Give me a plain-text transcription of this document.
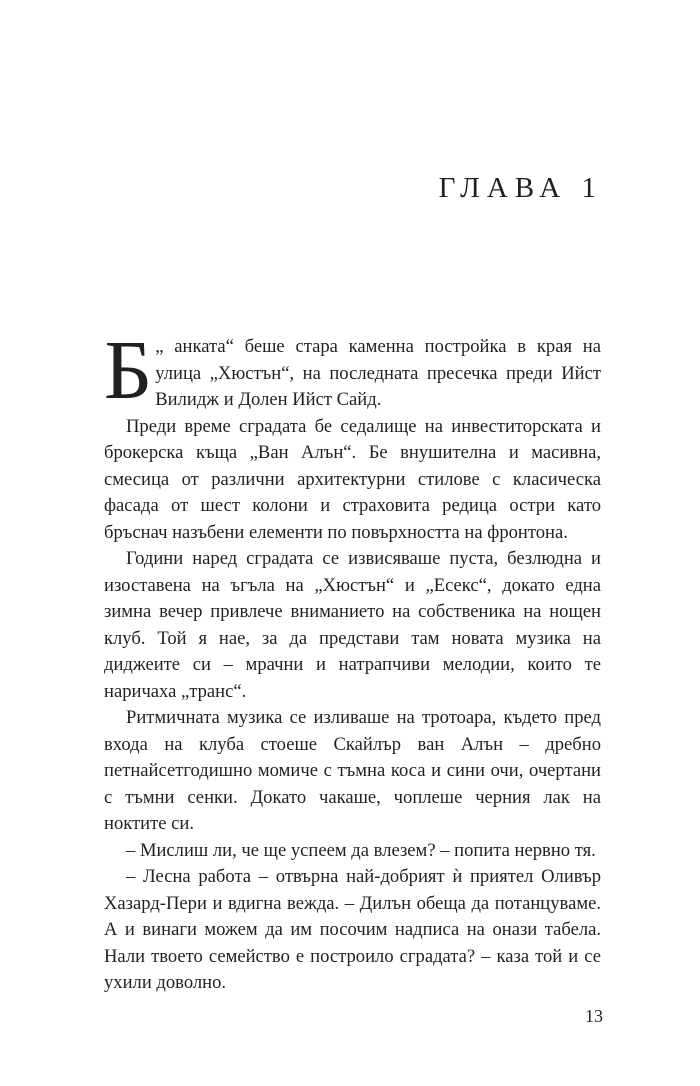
ГЛАВА 1

Б „ анката“ беше стара каменна постройка в края на улица „Хюстън“, на последната пресечка преди Ийст Вилидж и Долен Ийст Сайд.

Преди време сградата бе седалище на инвеститорската и брокерска къща „Ван Алън“. Бе внушителна и масивна, смесица от различни архитектурни стилове с класическа фасада от шест колони и страховита редица остри като бръснач назъбени елементи по повърхността на фронтона.

Години наред сградата се извисяваше пуста, безлюдна и изоставена на ъгъла на „Хюстън“ и „Есекс“, докато една зимна вечер привлече вниманието на собственика на нощен клуб. Той я нае, за да представи там новата музика на диджеите си – мрачни и натрапчиви мелодии, които те наричаха „транс“.

Ритмичната музика се изливаше на тротоара, където пред входа на клуба стоеше Скайлър ван Алън – дребно петнайсетгодишно момиче с тъмна коса и сини очи, очертани с тъмни сенки. Докато чакаше, чоплеше черния лак на ноктите си.

– Мислиш ли, че ще успеем да влезем? – попита нервно тя.

– Лесна работа – отвърна най-добрият ѝ приятел Оливър Хазард-Пери и вдигна вежда. – Дилън обеща да потанцуваме. А и винаги можем да им посочим надписа на онази табела. Нали твоето семейство е построило сградата? – каза той и се ухили доволно.

13
